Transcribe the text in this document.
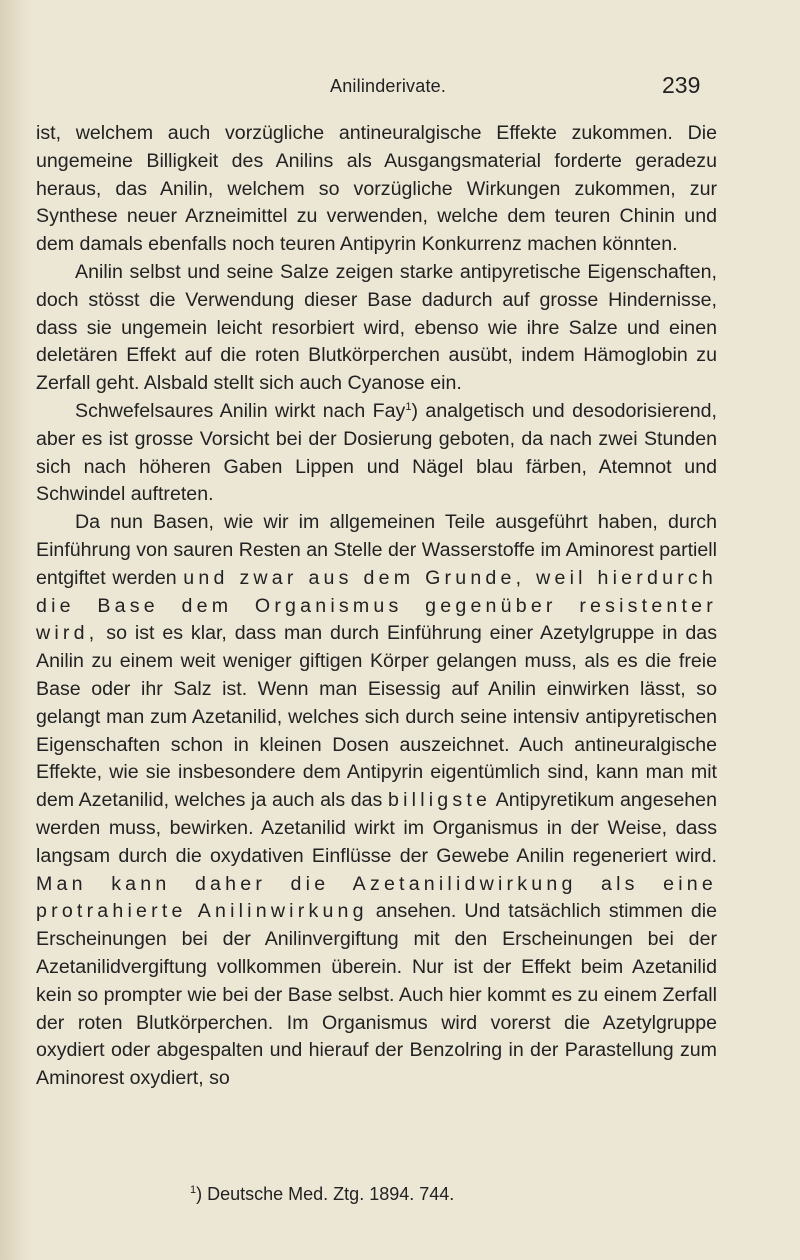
Anilinderivate.	239

ist, welchem auch vorzügliche antineuralgische Effekte zukommen. Die ungemeine Billigkeit des Anilins als Ausgangsmaterial forderte geradezu heraus, das Anilin, welchem so vorzügliche Wirkungen zukommen, zur Synthese neuer Arzneimittel zu verwenden, welche dem teuren Chinin und dem damals ebenfalls noch teuren Antipyrin Konkurrenz machen könnten.

Anilin selbst und seine Salze zeigen starke antipyretische Eigenschaften, doch stösst die Verwendung dieser Base dadurch auf grosse Hindernisse, dass sie ungemein leicht resorbiert wird, ebenso wie ihre Salze und einen deletären Effekt auf die roten Blutkörperchen ausübt, indem Hämoglobin zu Zerfall geht. Alsbald stellt sich auch Cyanose ein.

Schwefelsaures Anilin wirkt nach Fay$^1$) analgetisch und desodorisierend, aber es ist grosse Vorsicht bei der Dosierung geboten, da nach zwei Stunden sich nach höheren Gaben Lippen und Nägel blau färben, Atemnot und Schwindel auftreten.

Da nun Basen, wie wir im allgemeinen Teile ausgeführt haben, durch Einführung von sauren Resten an Stelle der Wasserstoffe im Aminorest partiell entgiftet werden und zwar aus dem Grunde, weil hierdurch die Base dem Organismus gegenüber resistenter wird, so ist es klar, dass man durch Einführung einer Azetylgruppe in das Anilin zu einem weit weniger giftigen Körper gelangen muss, als es die freie Base oder ihr Salz ist. Wenn man Eisessig auf Anilin einwirken lässt, so gelangt man zum Azetanilid, welches sich durch seine intensiv antipyretischen Eigenschaften schon in kleinen Dosen auszeichnet. Auch antineuralgische Effekte, wie sie insbesondere dem Antipyrin eigentümlich sind, kann man mit dem Azetanilid, welches ja auch als das billigste Antipyretikum angesehen werden muss, bewirken. Azetanilid wirkt im Organismus in der Weise, dass langsam durch die oxydativen Einflüsse der Gewebe Anilin regeneriert wird. Man kann daher die Azetanilidwirkung als eine protrahierte Anilinwirkung ansehen. Und tatsächlich stimmen die Erscheinungen bei der Anilinvergiftung mit den Erscheinungen bei der Azetanilidvergiftung vollkommen überein. Nur ist der Effekt beim Azetanilid kein so prompter wie bei der Base selbst. Auch hier kommt es zu einem Zerfall der roten Blutkörperchen. Im Organismus wird vorerst die Azetylgruppe oxydiert oder abgespalten und hierauf der Benzolring in der Parastellung zum Aminorest oxydiert, so

$^1$) Deutsche Med. Ztg. 1894. 744.
